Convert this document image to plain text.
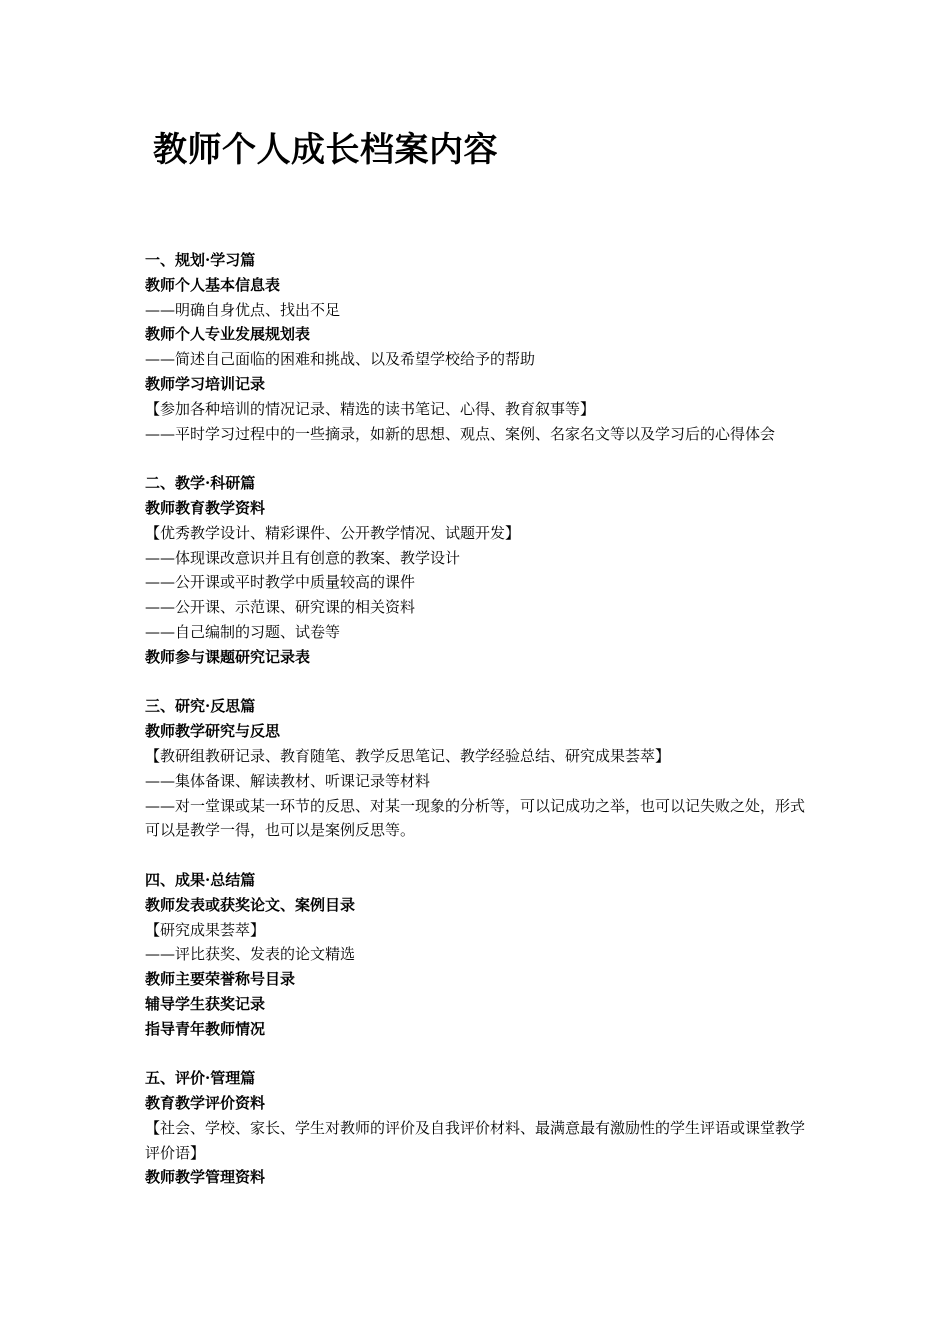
教师个人成长档案内容

一、规划·学习篇

教师个人基本信息表

——明确自身优点、找出不足

教师个人专业发展规划表

——简述自己面临的困难和挑战、以及希望学校给予的帮助

教师学习培训记录

【参加各种培训的情况记录、精选的读书笔记、心得、教育叙事等】

——平时学习过程中的一些摘录，如新的思想、观点、案例、名家名文等以及学习后的心得体会

二、教学·科研篇

教师教育教学资料

【优秀教学设计、精彩课件、公开教学情况、试题开发】

——体现课改意识并且有创意的教案、教学设计

——公开课或平时教学中质量较高的课件

——公开课、示范课、研究课的相关资料

——自己编制的习题、试卷等

教师参与课题研究记录表

三、研究·反思篇

教师教学研究与反思

【教研组教研记录、教育随笔、教学反思笔记、教学经验总结、研究成果荟萃】

——集体备课、解读教材、听课记录等材料

——对一堂课或某一环节的反思、对某一现象的分析等，可以记成功之举，也可以记失败之处，形式可以是教学一得，也可以是案例反思等。

四、成果·总结篇

教师发表或获奖论文、案例目录

【研究成果荟萃】

——评比获奖、发表的论文精选

教师主要荣誉称号目录

辅导学生获奖记录

指导青年教师情况

五、评价·管理篇

教育教学评价资料

【社会、学校、家长、学生对教师的评价及自我评价材料、最满意最有激励性的学生评语或课堂教学评价语】

教师教学管理资料
